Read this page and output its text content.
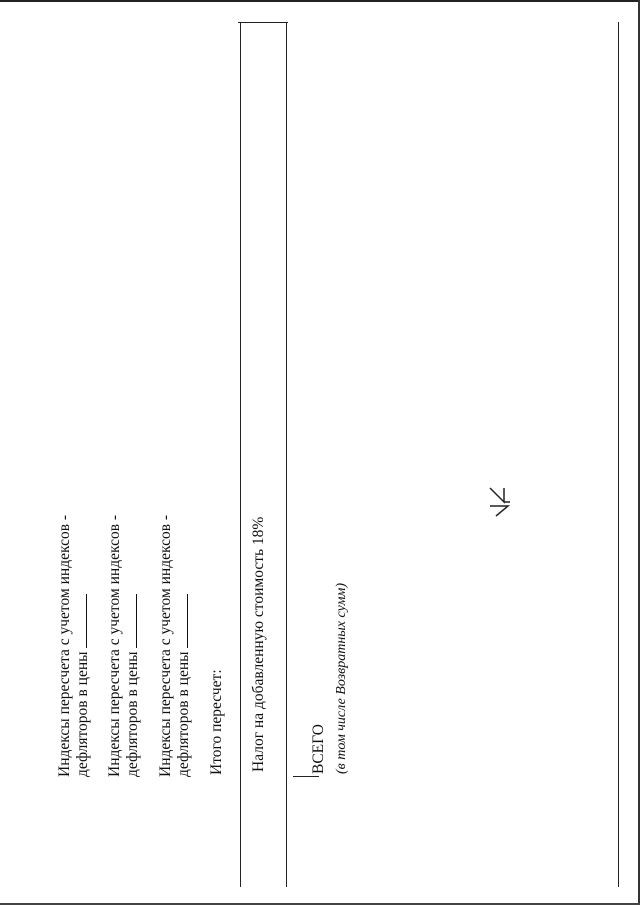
Индексы пересчета с учетом индексов - дефляторов в цены Индексы пересчета с учетом индексов - дефляторов в цены Индексы пересчета с учетом индексов - дефляторов в цены Итого пересчет: Налог на добавленную стоимость 18%	ВСЕГО (в том числе Возвратных сумм)
